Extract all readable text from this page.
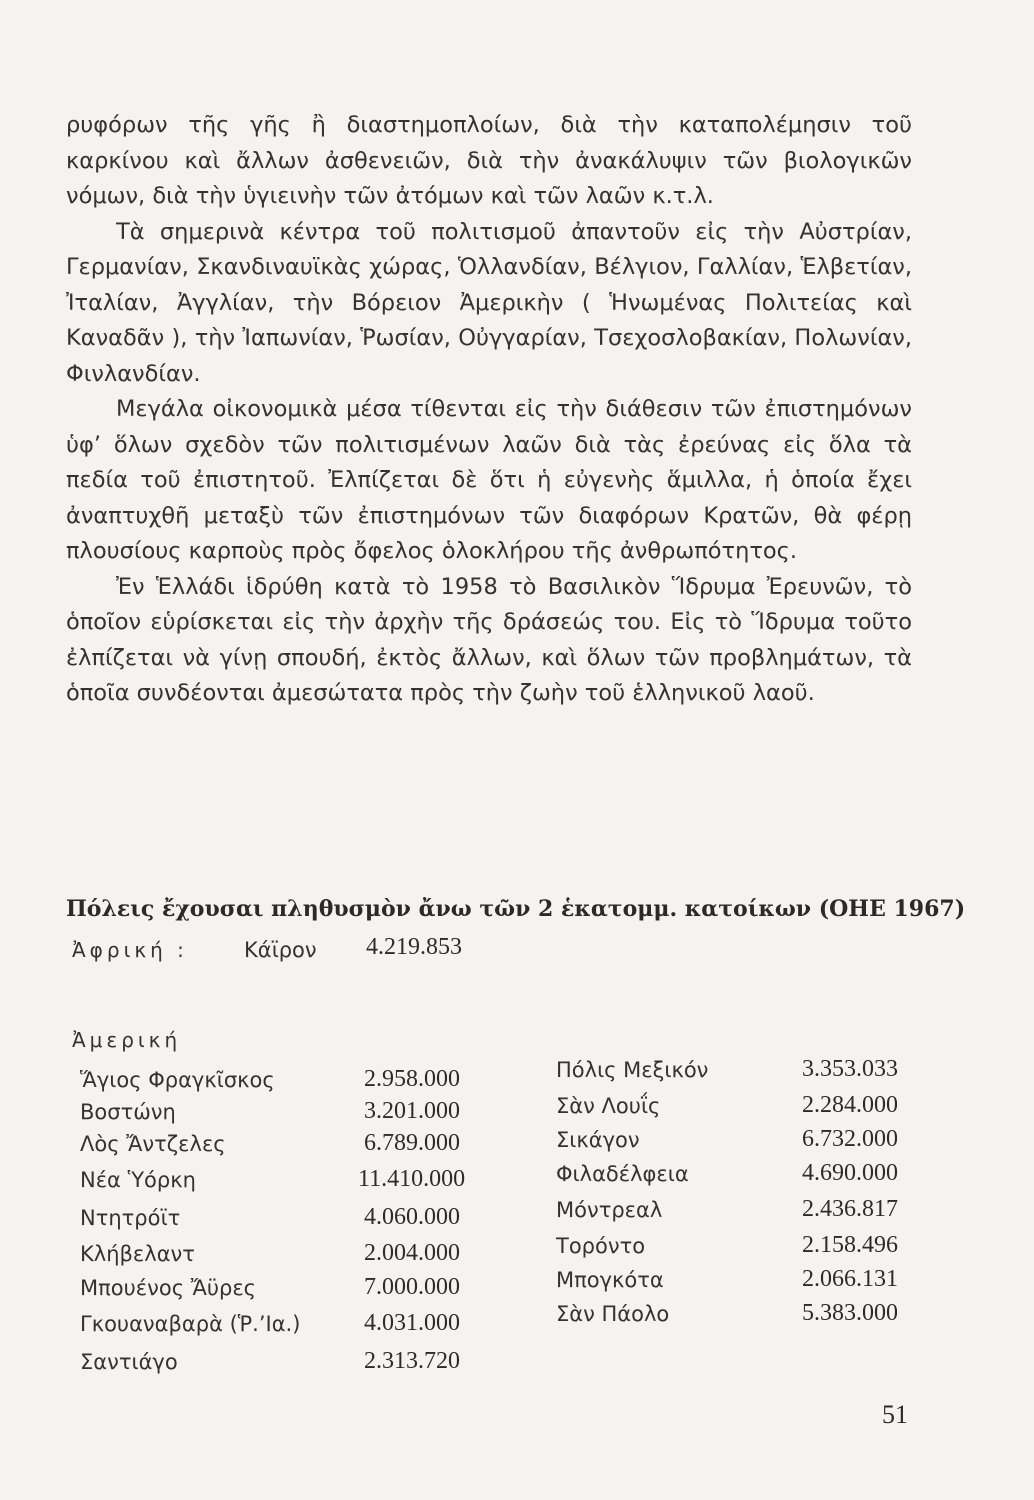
ρυφόρων τῆς γῆς ἢ διαστημοπλοίων, διὰ τὴν καταπολέμησιν τοῦ καρκίνου καὶ ἄλλων ἀσθενειῶν, διὰ τὴν ἀνακάλυψιν τῶν βιολογικῶν νόμων, διὰ τὴν ὑγιεινὴν τῶν ἀτόμων καὶ τῶν λαῶν κ.τ.λ.

Τὰ σημερινὰ κέντρα τοῦ πολιτισμοῦ ἀπαντοῦν εἰς τὴν Αὐστρίαν, Γερμανίαν, Σκανδιναυϊκὰς χώρας, Ὁλλανδίαν, Βέλγιον, Γαλλίαν, Ἑλβετίαν, Ἰταλίαν, Ἀγγλίαν, τὴν Βόρειον Ἀμερικὴν ( Ἡνωμένας Πολιτείας καὶ Καναδᾶν ), τὴν Ἰαπωνίαν, Ῥωσίαν, Οὐγγαρίαν, Τσεχοσλοβακίαν, Πολωνίαν, Φινλανδίαν.

Μεγάλα οἰκονομικὰ μέσα τίθενται εἰς τὴν διάθεσιν τῶν ἐπιστημόνων ὑφ’ ὅλων σχεδὸν τῶν πολιτισμένων λαῶν διὰ τὰς ἐρεύνας εἰς ὅλα τὰ πεδία τοῦ ἐπιστητοῦ. Ἐλπίζεται δὲ ὅτι ἡ εὐγενὴς ἅμιλλα, ἡ ὁποία ἔχει ἀναπτυχθῆ μεταξὺ τῶν ἐπιστημόνων τῶν διαφόρων Κρατῶν, θὰ φέρῃ πλουσίους καρποὺς πρὸς ὄφελος ὁλοκλήρου τῆς ἀνθρωπότητος.

Ἐν Ἑλλάδι ἱδρύθη κατὰ τὸ 1958 τὸ Βασιλικὸν Ἵδρυμα Ἐρευνῶν, τὸ ὁποῖον εὑρίσκεται εἰς τὴν ἀρχὴν τῆς δράσεώς του. Εἰς τὸ Ἵδρυμα τοῦτο ἐλπίζεται νὰ γίνῃ σπουδή, ἐκτὸς ἄλλων, καὶ ὅλων τῶν προβλημάτων, τὰ ὁποῖα συνδέονται ἀμεσώτατα πρὸς τὴν ζωὴν τοῦ ἑλληνικοῦ λαοῦ.

Πόλεις ἔχουσαι πληθυσμὸν ἄνω τῶν 2 ἑκατομμ. κατοίκων (ΟΗΕ 1967)
Ἀφρική :	Κάϊρον 4.219.853
Ἀμερική
Ἅγιος Φραγκῖσκος	2.958.000
Βοστώνη	3.201.000
Λὸς Ἄντζελες	6.789.000
Νέα Ὑόρκη	11.410.000
Ντητρόϊτ	4.060.000
Κλήβελαντ	2.004.000
Μπουένος Ἄϋρες	7.000.000
Γκουαναβαρὰ (Ῥ.’Ια.)	4.031.000
Σαντιάγο	2.313.720
Πόλις Μεξικόν	3.353.033
Σὰν Λουΐς	2.284.000
Σικάγον	6.732.000
Φιλαδέλφεια	4.690.000
Μόντρεαλ	2.436.817
Τορόντο	2.158.496
Μπογκότα	2.066.131
Σὰν Πάολο	5.383.000
51
